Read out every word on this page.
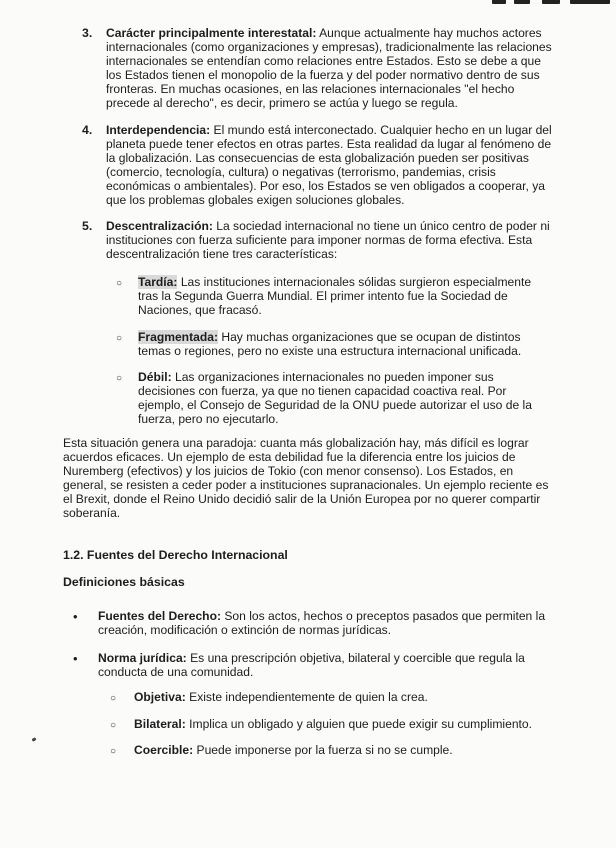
3. Carácter principalmente interestatal: Aunque actualmente hay muchos actores internacionales (como organizaciones y empresas), tradicionalmente las relaciones internacionales se entendían como relaciones entre Estados. Esto se debe a que los Estados tienen el monopolio de la fuerza y del poder normativo dentro de sus fronteras. En muchas ocasiones, en las relaciones internacionales "el hecho precede al derecho", es decir, primero se actúa y luego se regula.

4. Interdependencia: El mundo está interconectado. Cualquier hecho en un lugar del planeta puede tener efectos en otras partes. Esta realidad da lugar al fenómeno de la globalización. Las consecuencias de esta globalización pueden ser positivas (comercio, tecnología, cultura) o negativas (terrorismo, pandemias, crisis económicas o ambientales). Por eso, los Estados se ven obligados a cooperar, ya que los problemas globales exigen soluciones globales.

5. Descentralización: La sociedad internacional no tiene un único centro de poder ni instituciones con fuerza suficiente para imponer normas de forma efectiva. Esta descentralización tiene tres características:

○ Tardía: Las instituciones internacionales sólidas surgieron especialmente tras la Segunda Guerra Mundial. El primer intento fue la Sociedad de Naciones, que fracasó.

○ Fragmentada: Hay muchas organizaciones que se ocupan de distintos temas o regiones, pero no existe una estructura internacional unificada.

○ Débil: Las organizaciones internacionales no pueden imponer sus decisiones con fuerza, ya que no tienen capacidad coactiva real. Por ejemplo, el Consejo de Seguridad de la ONU puede autorizar el uso de la fuerza, pero no ejecutarlo.

Esta situación genera una paradoja: cuanta más globalización hay, más difícil es lograr acuerdos eficaces. Un ejemplo de esta debilidad fue la diferencia entre los juicios de Nuremberg (efectivos) y los juicios de Tokio (con menor consenso). Los Estados, en general, se resisten a ceder poder a instituciones supranacionales. Un ejemplo reciente es el Brexit, donde el Reino Unido decidió salir de la Unión Europea por no querer compartir soberanía.

1.2. Fuentes del Derecho Internacional
Definiciones básicas
• Fuentes del Derecho: Son los actos, hechos o preceptos pasados que permiten la creación, modificación o extinción de normas jurídicas.

• Norma jurídica: Es una prescripción objetiva, bilateral y coercible que regula la conducta de una comunidad.

○ Objetiva: Existe independientemente de quien la crea.

○ Bilateral: Implica un obligado y alguien que puede exigir su cumplimiento.

○ Coercible: Puede imponerse por la fuerza si no se cumple.
